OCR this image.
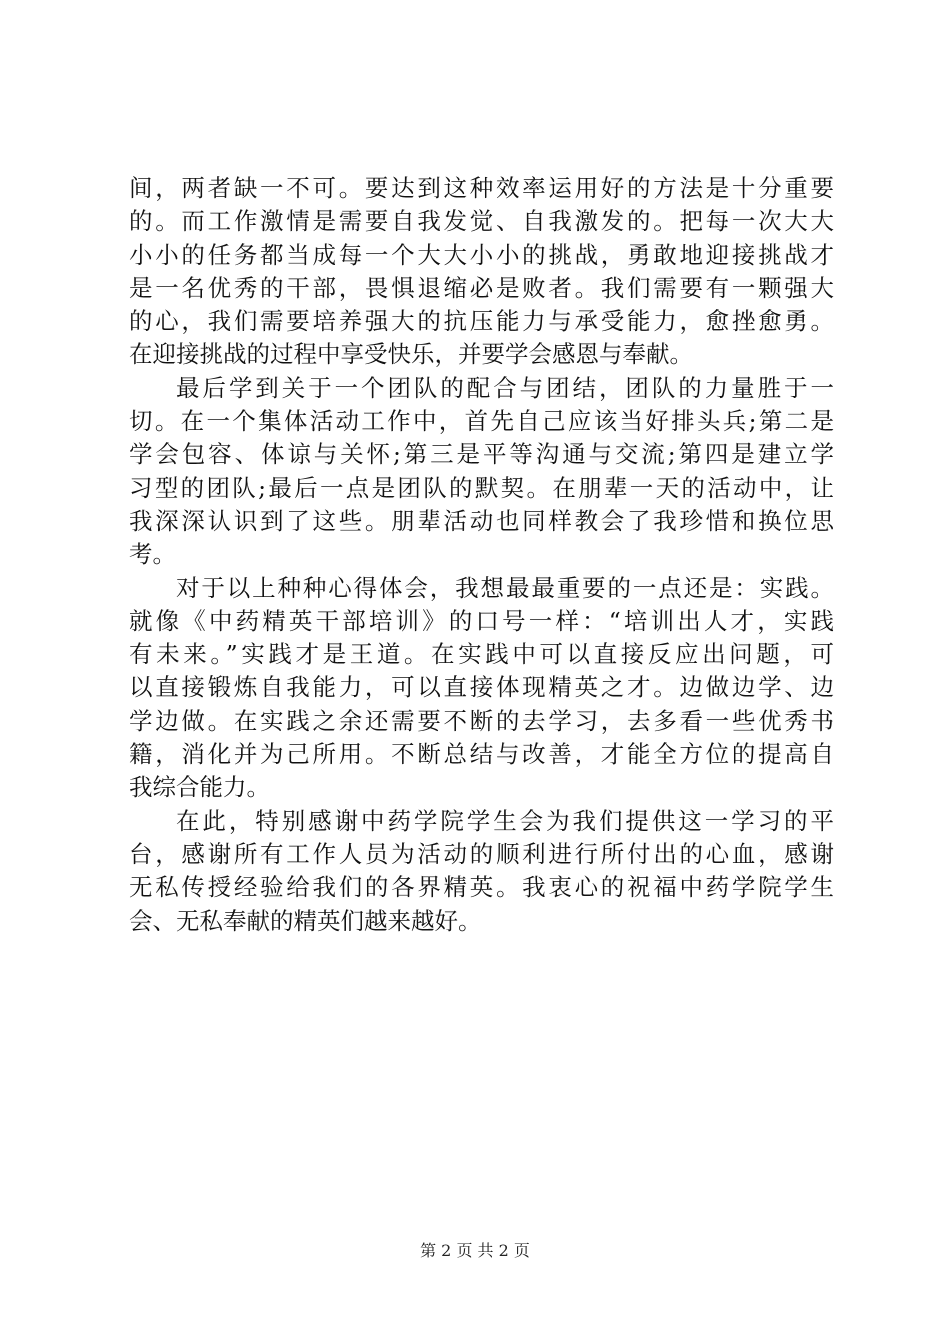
间，两者缺一不可。要达到这种效率运用好的方法是十分重要
的。而工作激情是需要自我发觉、自我激发的。把每一次大大
小小的任务都当成每一个大大小小的挑战，勇敢地迎接挑战才
是一名优秀的干部，畏惧退缩必是败者。我们需要有一颗强大
的心，我们需要培养强大的抗压能力与承受能力，愈挫愈勇。
在迎接挑战的过程中享受快乐，并要学会感恩与奉献。
最后学到关于一个团队的配合与团结，团队的力量胜于一
切。在一个集体活动工作中，首先自己应该当好排头兵;第二是
学会包容、体谅与关怀;第三是平等沟通与交流;第四是建立学
习型的团队;最后一点是团队的默契。在朋辈一天的活动中，让
我深深认识到了这些。朋辈活动也同样教会了我珍惜和换位思
考。
对于以上种种心得体会，我想最最重要的一点还是：实践。
就像《中药精英干部培训》的口号一样：“培训出人才，实践
有未来。”实践才是王道。在实践中可以直接反应出问题，可
以直接锻炼自我能力，可以直接体现精英之才。边做边学、边
学边做。在实践之余还需要不断的去学习，去多看一些优秀书
籍，消化并为己所用。不断总结与改善，才能全方位的提高自
我综合能力。
在此，特别感谢中药学院学生会为我们提供这一学习的平
台，感谢所有工作人员为活动的顺利进行所付出的心血，感谢
无私传授经验给我们的各界精英。我衷心的祝福中药学院学生
会、无私奉献的精英们越来越好。
第 2 页 共 2 页
